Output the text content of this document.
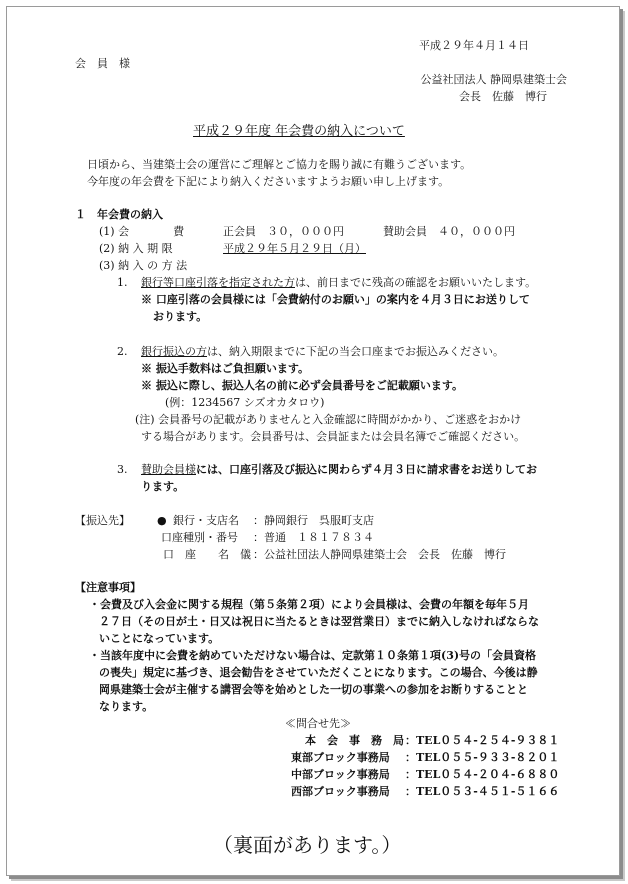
平成２９年４月１４日
会　員　様
公益社団法人 静岡県建築士会
会長　佐藤　博行
平成２９年度 年会費の納入について
日頃から、当建築士会の運営にご理解とご協力を賜り誠に有難うございます。
今年度の年会費を下記により納入くださいますようお願い申し上げます。
１　年会費の納入
(1) 会　　　　費	正会員　３０，０００円	賛助会員　４０，０００円
(2) 納 入 期 限	平成２９年５月２９日（月）
(3) 納 入 の 方 法
1. 銀行等口座引落を指定された方は、前日までに残高の確認をお願いいたします。
※ 口座引落の会員様には「会費納付のお願い」の案内を４月３日にお送りして
おります。
2. 銀行振込の方は、納入期限までに下記の当会口座までお振込みください。
※ 振込手数料はご負担願います。
※ 振込に際し、振込人名の前に必ず会員番号をご記載願います。
(例：1234567 シズオカタロウ)
(注) 会員番号の記載がありませんと入金確認に時間がかかり、ご迷惑をおかけ
する場合があります。会員番号は、会員証または会員名簿でご確認ください。
3. 賛助会員様には、口座引落及び振込に関わらず４月３日に請求書をお送りしてお
ります。
【振込先】 ● 銀行・支店名 ：静岡銀行　呉服町支店
口座種別・番号 ：普通　１８１７８３４
口　座　　名　儀 ：公益社団法人静岡県建築士会　会長　佐藤　博行
【注意事項】
・会費及び入会金に関する規程（第５条第２項）により会員様は、会費の年額を毎年５月
２７日（その日が土・日又は祝日に当たるときは翌営業日）までに納入しなければならな
いことになっています。
・当該年度中に会費を納めていただけない場合は、定款第１０条第１項(3)号の「会員資格
の喪失」規定に基づき、退会勧告をさせていただくことになります。この場合、今後は静
岡県建築士会が主催する講習会等を始めとした一切の事業への参加をお断りすることと
なります。
≪問合せ先≫
本　会　事　務　局 ：TEL０５４-２５４-９３８１
東部ブロック事務局 ：TEL０５５-９３３-８２０１
中部ブロック事務局 ：TEL０５４-２０４-６８８０
西部ブロック事務局 ：TEL０５３-４５１-５１６６
（裏面があります。）
